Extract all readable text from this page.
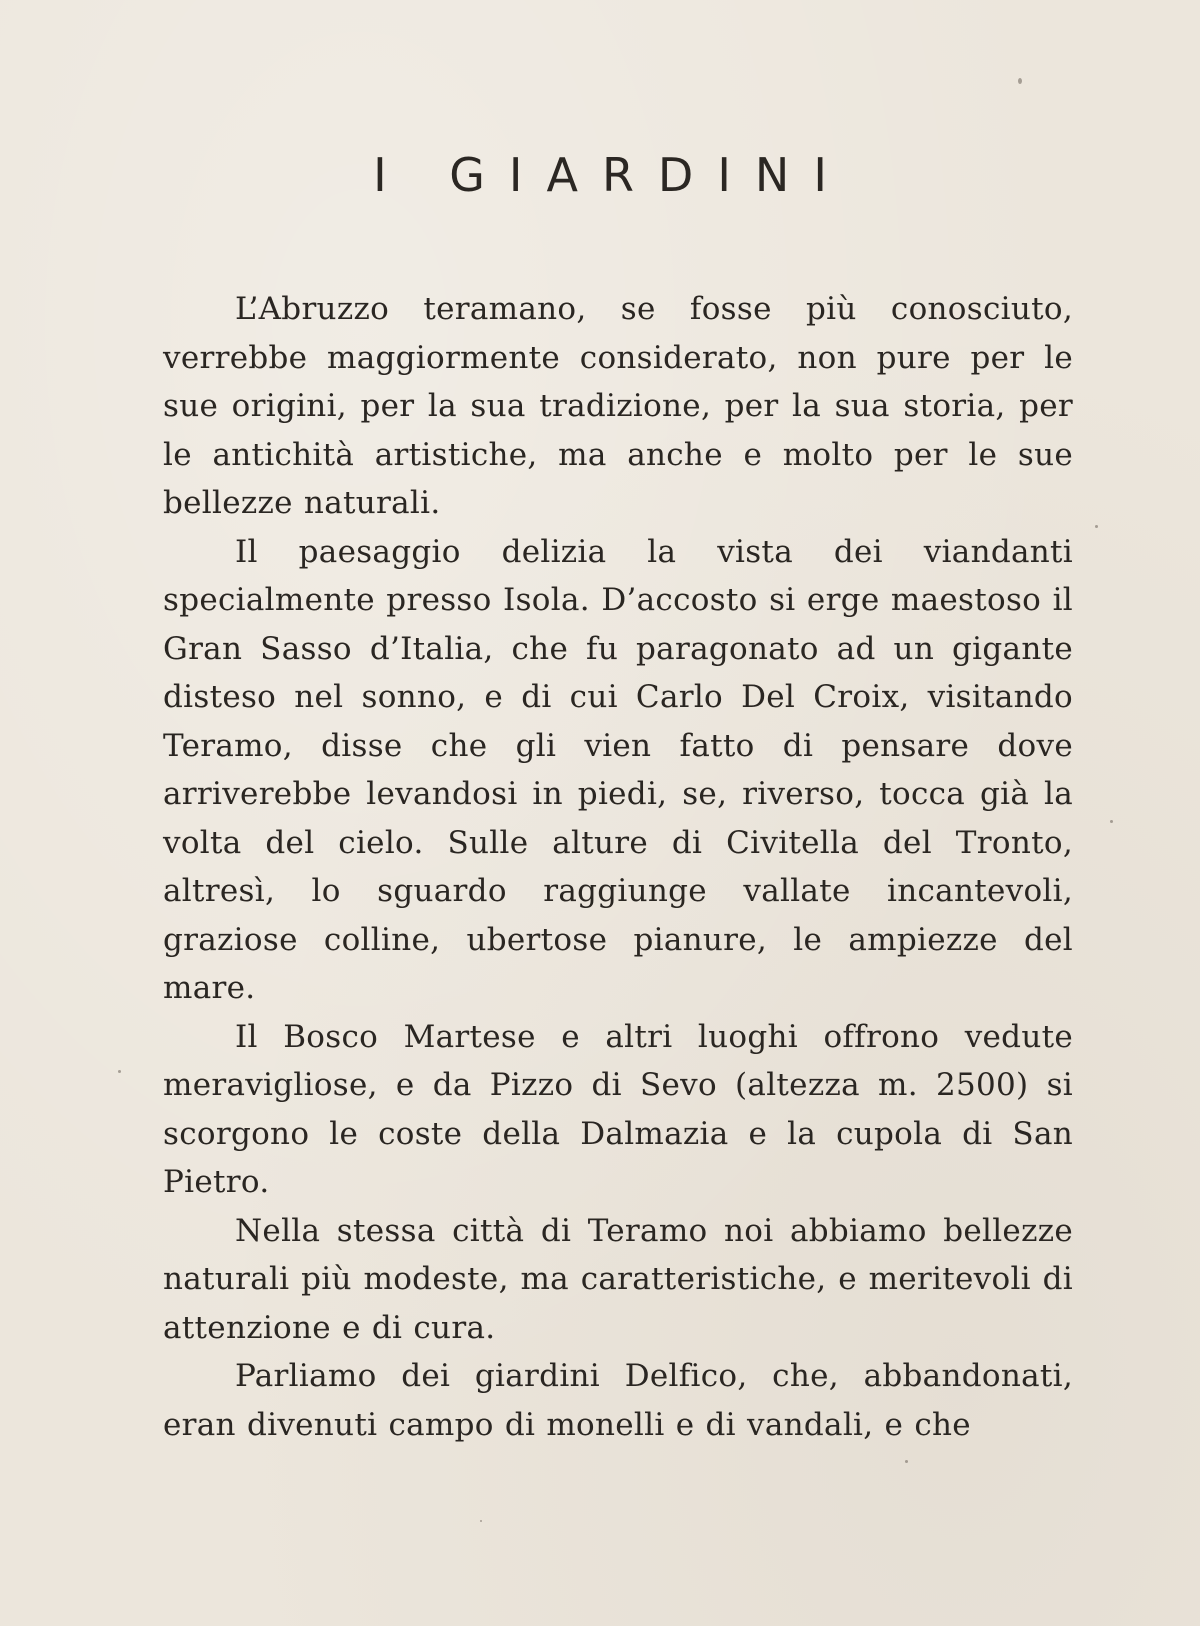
I GIARDINI

L’Abruzzo teramano, se fosse più conosciuto, verrebbe maggiormente considerato, non pure per le sue origini, per la sua tradizione, per la sua storia, per le antichità artistiche, ma anche e molto per le sue bellezze naturali.

Il paesaggio delizia la vista dei viandanti specialmente presso Isola. D’accosto si erge maestoso il Gran Sasso d’Italia, che fu paragonato ad un gigante disteso nel sonno, e di cui Carlo Del Croix, visitando Teramo, disse che gli vien fatto di pensare dove arriverebbe levandosi in piedi, se, riverso, tocca già la volta del cielo. Sulle alture di Civitella del Tronto, altresì, lo sguardo raggiunge vallate incantevoli, graziose colline, ubertose pianure, le ampiezze del mare.

Il Bosco Martese e altri luoghi offrono vedute meravigliose, e da Pizzo di Sevo (altezza m. 2500) si scorgono le coste della Dalmazia e la cupola di San Pietro.

Nella stessa città di Teramo noi abbiamo bellezze naturali più modeste, ma caratteristiche, e meritevoli di attenzione e di cura.

Parliamo dei giardini Delfico, che, abbandonati, eran divenuti campo di monelli e di vandali, e che
